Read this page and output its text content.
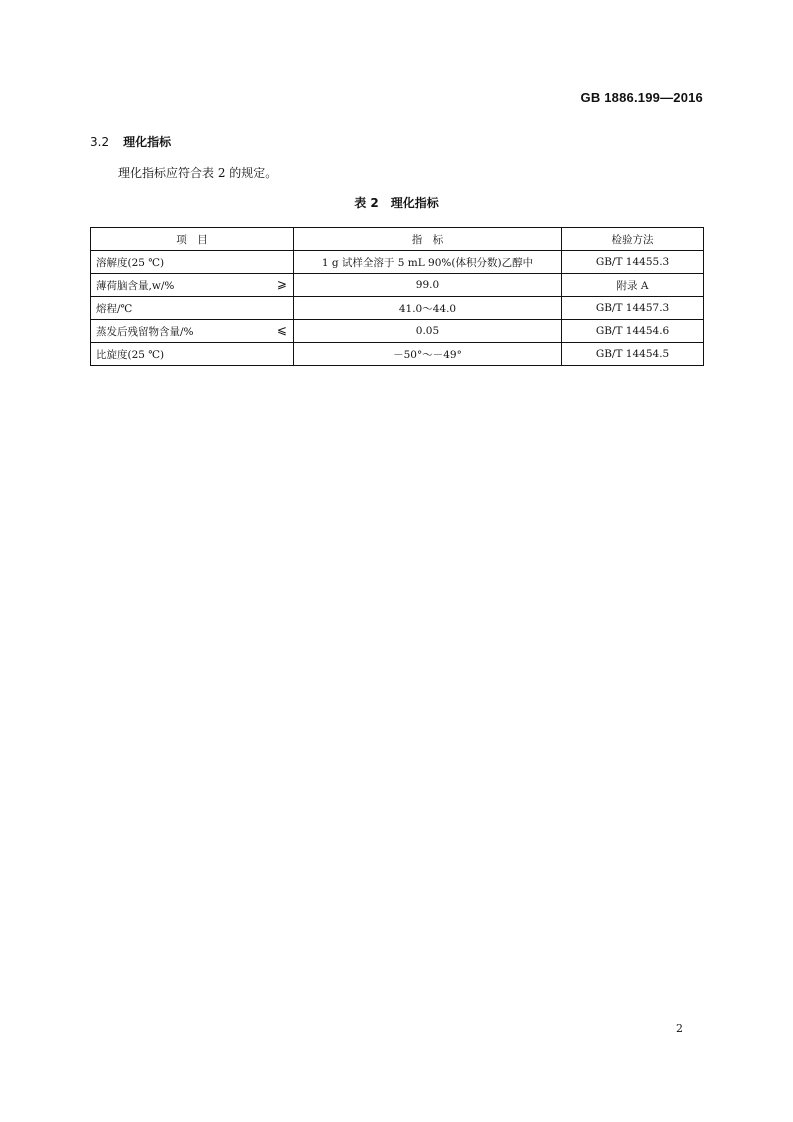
GB 1886.199—2016
3.2 理化指标
理化指标应符合表 2 的规定。
表 2 理化指标
项　目	指　标	检验方法
溶解度(25 ℃)	1 g 试样全溶于 5 mL 90%(体积分数)乙醇中	GB/T 14455.3
薄荷脑含量,w/% ⩾	99.0	附录 A
熔程/℃	41.0～44.0	GB/T 14457.3
蒸发后残留物含量/% ⩽	0.05	GB/T 14454.6
比旋度(25 ℃)	－50°～－49°	GB/T 14454.5
2
